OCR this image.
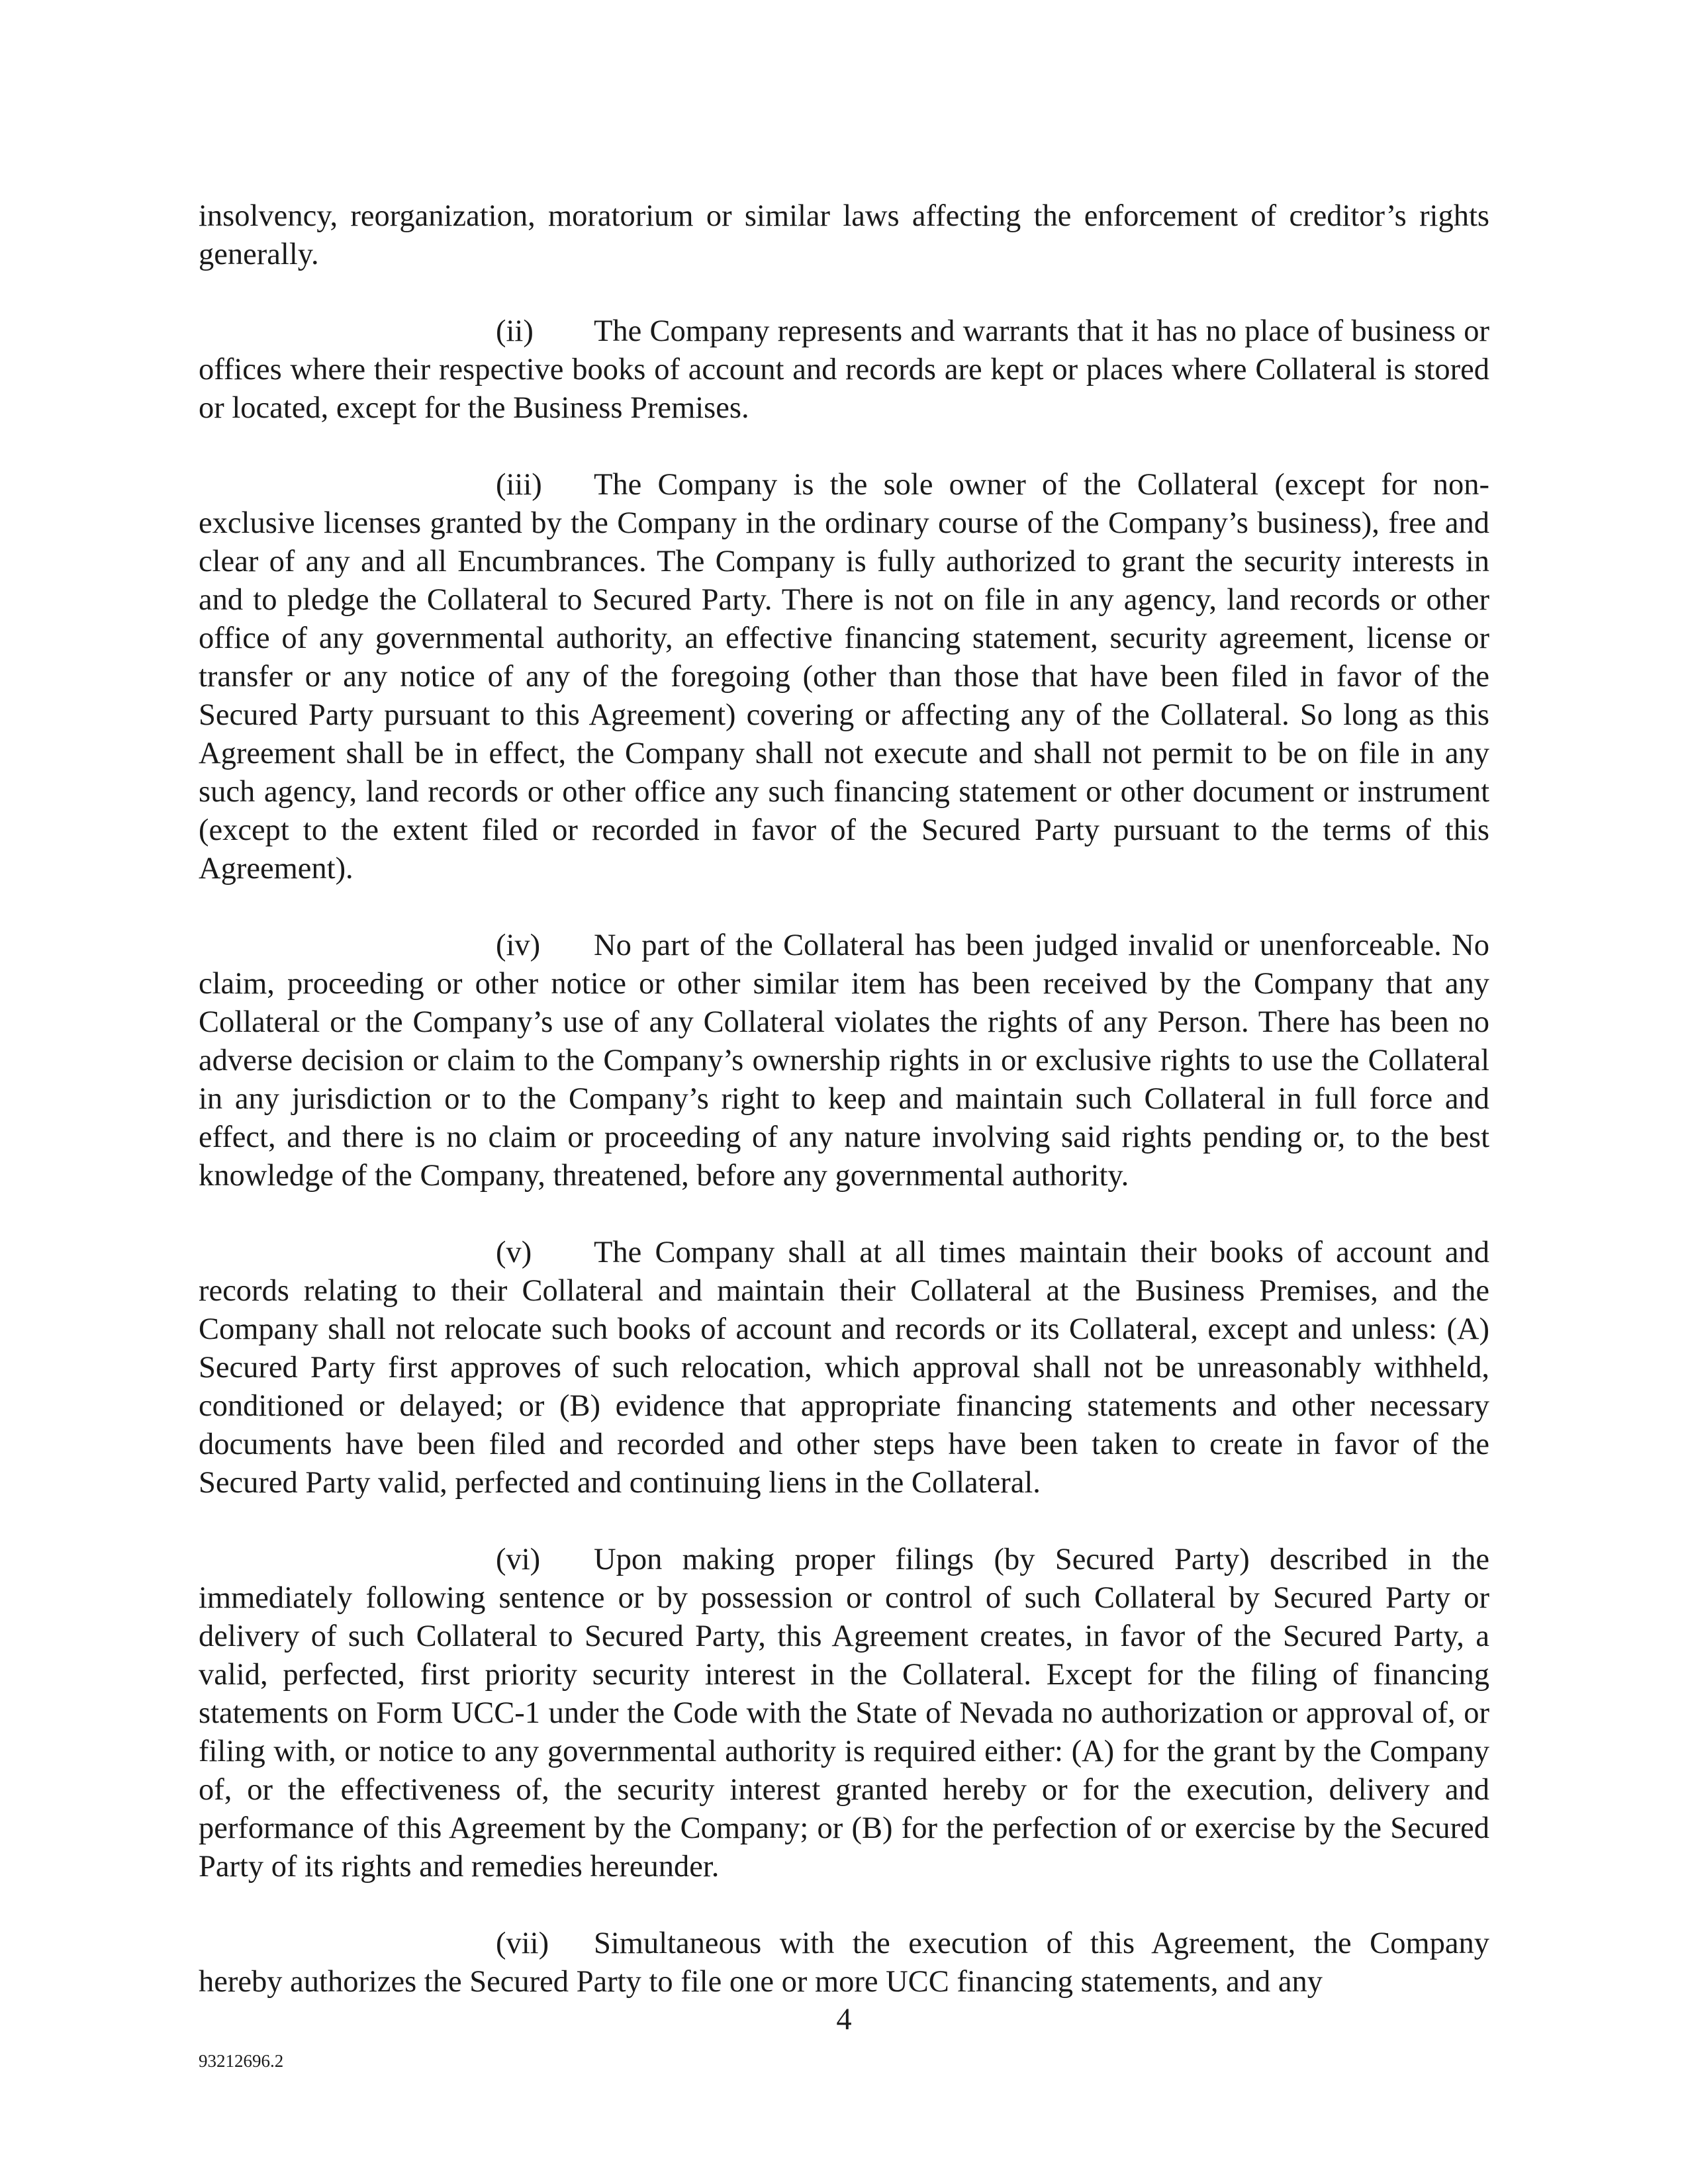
insolvency, reorganization, moratorium or similar laws affecting the enforcement of creditor’s rights generally.

(ii) The Company represents and warrants that it has no place of business or offices where their respective books of account and records are kept or places where Collateral is stored or located, except for the Business Premises.

(iii) The Company is the sole owner of the Collateral (except for non-exclusive licenses granted by the Company in the ordinary course of the Company’s business), free and clear of any and all Encumbrances. The Company is fully authorized to grant the security interests in and to pledge the Collateral to Secured Party. There is not on file in any agency, land records or other office of any governmental authority, an effective financing statement, security agreement, license or transfer or any notice of any of the foregoing (other than those that have been filed in favor of the Secured Party pursuant to this Agreement) covering or affecting any of the Collateral. So long as this Agreement shall be in effect, the Company shall not execute and shall not permit to be on file in any such agency, land records or other office any such financing statement or other document or instrument (except to the extent filed or recorded in favor of the Secured Party pursuant to the terms of this Agreement).

(iv) No part of the Collateral has been judged invalid or unenforceable. No claim, proceeding or other notice or other similar item has been received by the Company that any Collateral or the Company’s use of any Collateral violates the rights of any Person. There has been no adverse decision or claim to the Company’s ownership rights in or exclusive rights to use the Collateral in any jurisdiction or to the Company’s right to keep and maintain such Collateral in full force and effect, and there is no claim or proceeding of any nature involving said rights pending or, to the best knowledge of the Company, threatened, before any governmental authority.

(v) The Company shall at all times maintain their books of account and records relating to their Collateral and maintain their Collateral at the Business Premises, and the Company shall not relocate such books of account and records or its Collateral, except and unless: (A) Secured Party first approves of such relocation, which approval shall not be unreasonably withheld, conditioned or delayed; or (B) evidence that appropriate financing statements and other necessary documents have been filed and recorded and other steps have been taken to create in favor of the Secured Party valid, perfected and continuing liens in the Collateral.

(vi) Upon making proper filings (by Secured Party) described in the immediately following sentence or by possession or control of such Collateral by Secured Party or delivery of such Collateral to Secured Party, this Agreement creates, in favor of the Secured Party, a valid, perfected, first priority security interest in the Collateral. Except for the filing of financing statements on Form UCC-1 under the Code with the State of Nevada no authorization or approval of, or filing with, or notice to any governmental authority is required either: (A) for the grant by the Company of, or the effectiveness of, the security interest granted hereby or for the execution, delivery and performance of this Agreement by the Company; or (B) for the perfection of or exercise by the Secured Party of its rights and remedies hereunder.

(vii) Simultaneous with the execution of this Agreement, the Company hereby authorizes the Secured Party to file one or more UCC financing statements, and any

4
93212696.2
